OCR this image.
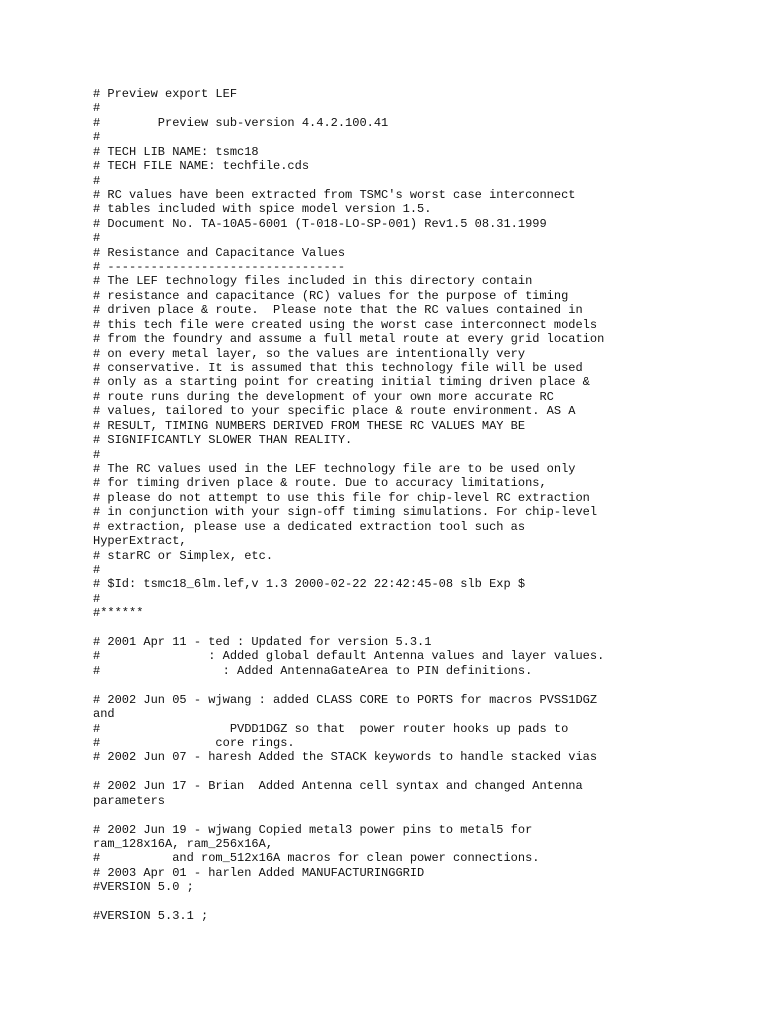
# Preview export LEF
#
#        Preview sub-version 4.4.2.100.41
#
# TECH LIB NAME: tsmc18
# TECH FILE NAME: techfile.cds
#
# RC values have been extracted from TSMC's worst case interconnect
# tables included with spice model version 1.5.
# Document No. TA-10A5-6001 (T-018-LO-SP-001) Rev1.5 08.31.1999
#
# Resistance and Capacitance Values
# ---------------------------------
# The LEF technology files included in this directory contain
# resistance and capacitance (RC) values for the purpose of timing
# driven place & route.  Please note that the RC values contained in
# this tech file were created using the worst case interconnect models
# from the foundry and assume a full metal route at every grid location
# on every metal layer, so the values are intentionally very
# conservative. It is assumed that this technology file will be used
# only as a starting point for creating initial timing driven place &
# route runs during the development of your own more accurate RC
# values, tailored to your specific place & route environment. AS A
# RESULT, TIMING NUMBERS DERIVED FROM THESE RC VALUES MAY BE
# SIGNIFICANTLY SLOWER THAN REALITY.
#
# The RC values used in the LEF technology file are to be used only
# for timing driven place & route. Due to accuracy limitations,
# please do not attempt to use this file for chip-level RC extraction
# in conjunction with your sign-off timing simulations. For chip-level
# extraction, please use a dedicated extraction tool such as
HyperExtract,
# starRC or Simplex, etc.
#
# $Id: tsmc18_6lm.lef,v 1.3 2000-02-22 22:42:45-08 slb Exp $
#
#******
# 2001 Apr 11 - ted : Updated for version 5.3.1
#               : Added global default Antenna values and layer values.
#                 : Added AntennaGateArea to PIN definitions.
# 2002 Jun 05 - wjwang : added CLASS CORE to PORTS for macros PVSS1DGZ
and
#                  PVDD1DGZ so that  power router hooks up pads to
#                core rings.
# 2002 Jun 07 - haresh Added the STACK keywords to handle stacked vias
# 2002 Jun 17 - Brian  Added Antenna cell syntax and changed Antenna
parameters
# 2002 Jun 19 - wjwang Copied metal3 power pins to metal5 for
ram_128x16A, ram_256x16A,
#          and rom_512x16A macros for clean power connections.
# 2003 Apr 01 - harlen Added MANUFACTURINGGRID
#VERSION 5.0 ;
#VERSION 5.3.1 ;
